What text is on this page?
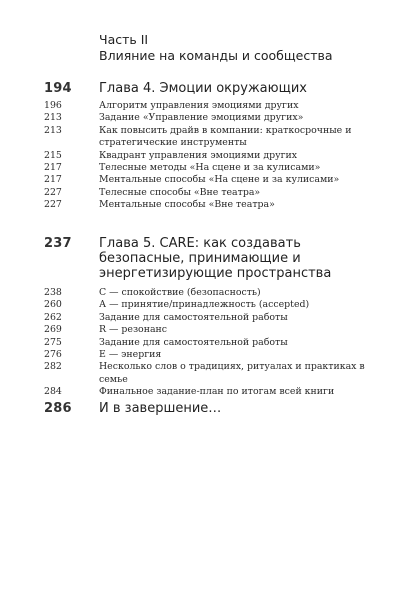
Часть II
Влияние на команды и сообщества
194	Глава 4. Эмоции окружающих
196	Алгоритм управления эмоциями других
213	Задание «Управление эмоциями других»
213	Как повысить драйв в компании: краткосрочные и стратегические инструменты
215	Квадрант управления эмоциями других
217	Телесные методы «На сцене и за кулисами»
217	Ментальные способы «На сцене и за кулисами»
227	Телесные способы «Вне театра»
227	Ментальные способы «Вне театра»
237	Глава 5. CARE: как создавать безопасные, принимающие и энергетизирующие пространства
238	С — спокойствие (безопасность)
260	А — принятие/принадлежность (accepted)
262	Задание для самостоятельной работы
269	R — резонанс
275	Задание для самостоятельной работы
276	Е — энергия
282	Несколько слов о традициях, ритуалах и практиках в семье
284	Финальное задание-план по итогам всей книги
286	И в завершение…
